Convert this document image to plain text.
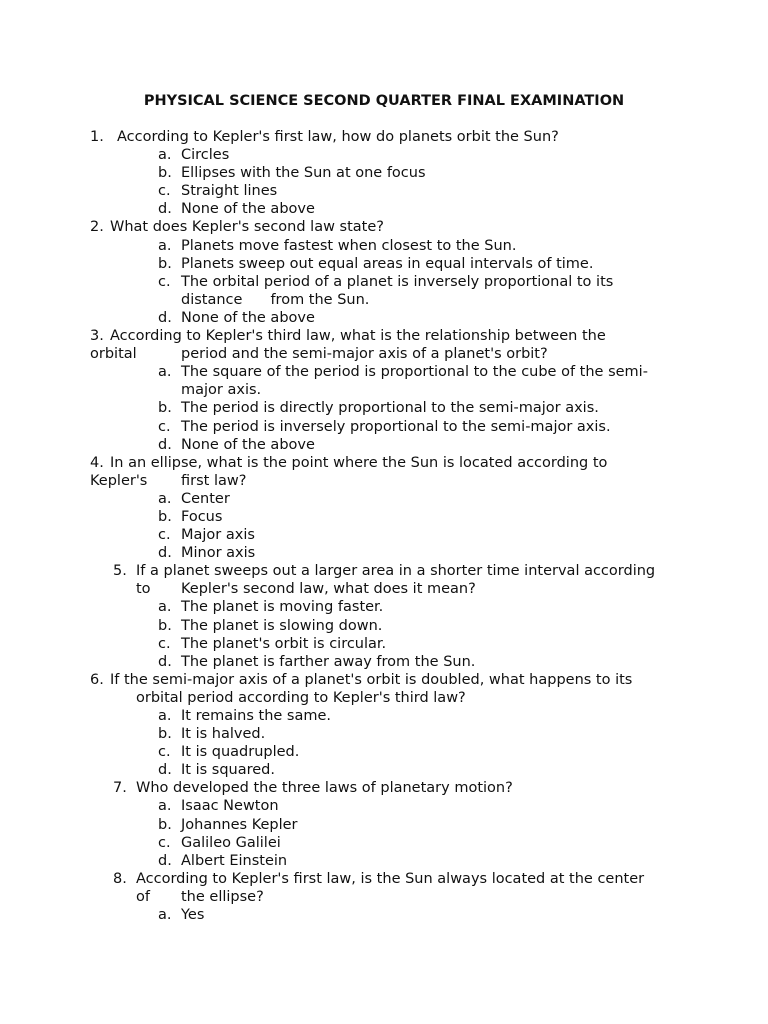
PHYSICAL SCIENCE SECOND QUARTER FINAL EXAMINATION
1. According to Kepler's first law, how do planets orbit the Sun?
a. Circles
b. Ellipses with the Sun at one focus
c. Straight lines
d. None of the above
2. What does Kepler's second law state?
a. Planets move fastest when closest to the Sun.
b. Planets sweep out equal areas in equal intervals of time.
c. The orbital period of a planet is inversely proportional to its
distance from the Sun.
d. None of the above
3. According to Kepler's third law, what is the relationship between the
orbital	period and the semi-major axis of a planet's orbit?
a. The square of the period is proportional to the cube of the semi-
major axis.
b. The period is directly proportional to the semi-major axis.
c. The period is inversely proportional to the semi-major axis.
d. None of the above
4. In an ellipse, what is the point where the Sun is located according to
Kepler's first law?
a. Center
b. Focus
c. Major axis
d. Minor axis
5. If a planet sweeps out a larger area in a shorter time interval according
to Kepler's second law, what does it mean?
a. The planet is moving faster.
b. The planet is slowing down.
c. The planet's orbit is circular.
d. The planet is farther away from the Sun.
6. If the semi-major axis of a planet's orbit is doubled, what happens to its
orbital period according to Kepler's third law?
a. It remains the same.
b. It is halved.
c. It is quadrupled.
d. It is squared.
7. Who developed the three laws of planetary motion?
a. Isaac Newton
b. Johannes Kepler
c. Galileo Galilei
d. Albert Einstein
8. According to Kepler's first law, is the Sun always located at the center
of the ellipse?
a. Yes
